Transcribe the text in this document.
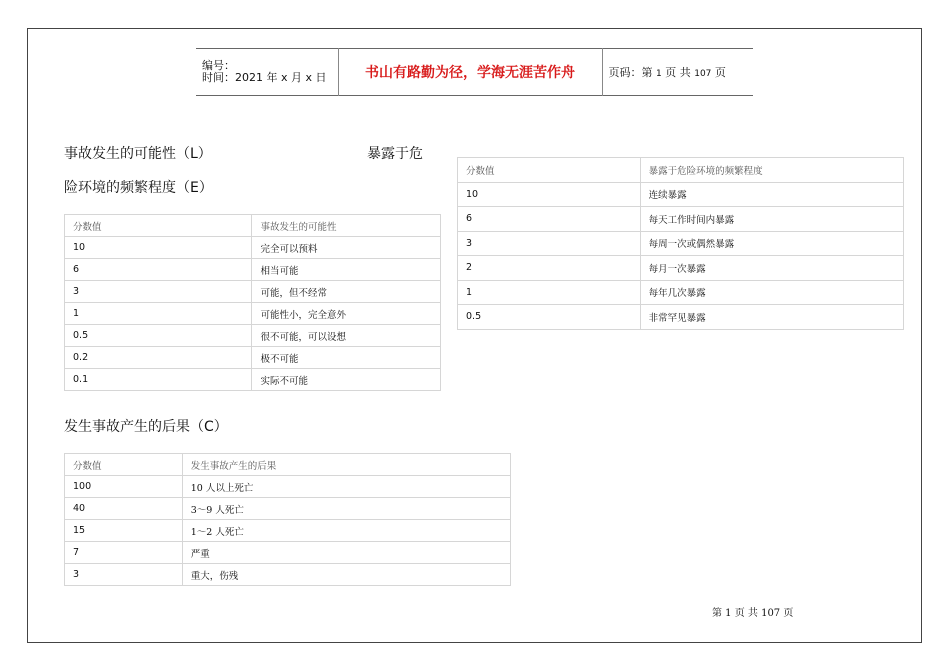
编号：
时间：2021 年 x 月 x 日	书山有路勤为径，学海无涯苦作舟	页码：第 1 页 共 107 页
事故发生的可能性（L）	暴露于危
险环境的频繁程度（E）
分数值	事故发生的可能性
10	完全可以预料
6	相当可能
3	可能，但不经常
1	可能性小，完全意外
0.5	很不可能，可以设想
0.2	极不可能
0.1	实际不可能
分数值	暴露于危险环境的频繁程度
10	连续暴露
6	每天工作时间内暴露
3	每周一次或偶然暴露
2	每月一次暴露
1	每年几次暴露
0.5	非常罕见暴露
发生事故产生的后果（C）
分数值	发生事故产生的后果
100	10 人以上死亡
40	3～9 人死亡
15	1～2 人死亡
7	严重
3	重大，伤残
第 1 页 共 107 页
